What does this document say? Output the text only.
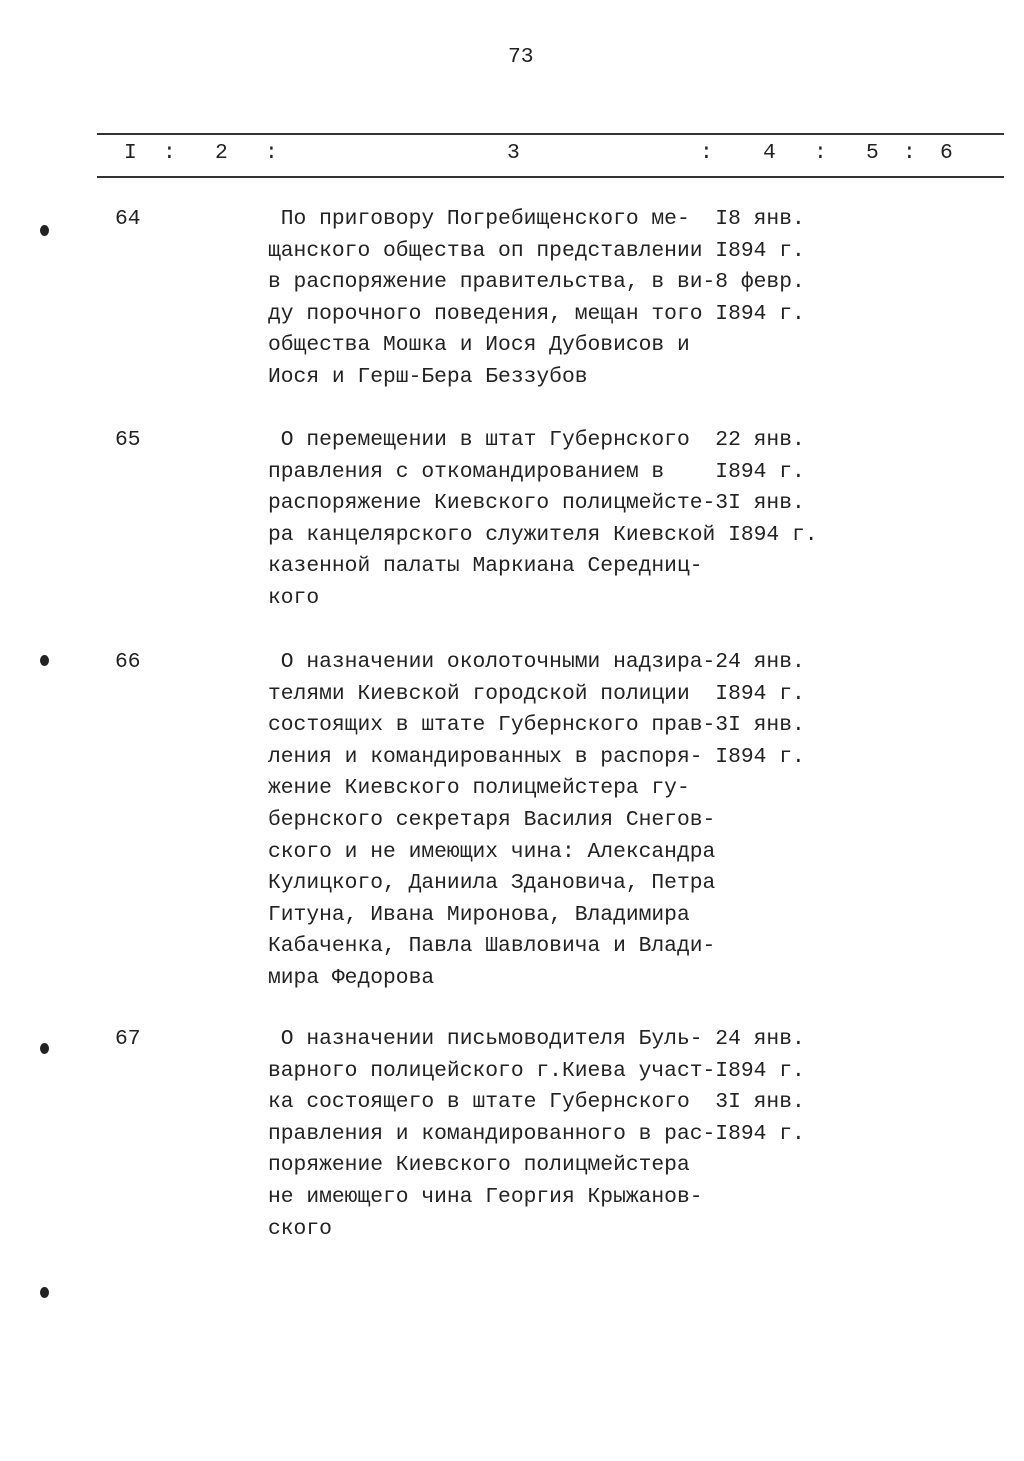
73
I : 2 :	3	: 4 : 5 : 6
64	По приговору Погребищенского ме-  I8 янв.
щанского общества оп представлении I894 г.
в распоряжение правительства, в ви-8 февр.
ду порочного поведения, мещан того I894 г.
общества Мошка и Иося Дубовисов и
Иося и Герш-Бера Беззубов
65	О перемещении в штат Губернского  22 янв.
правления с откомандированием в    I894 г.
распоряжение Киевского полицмейсте-3I янв.
ра канцелярского служителя Киевской I894 г.
казенной палаты Маркиана Середниц-
кого
66	О назначении околоточными надзира-24 янв.
телями Киевской городской полиции  I894 г.
состоящих в штате Губернского прав-3I янв.
ления и командированных в распоря- I894 г.
жение Киевского полицмейстера гу-
бернского секретаря Василия Снегов-
ского и не имеющих чина: Александра
Кулицкого, Даниила Здановича, Петра
Гитуна, Ивана Миронова, Владимира
Кабаченка, Павла Шавловича и Влади-
мира Федорова
67	О назначении письмоводителя Буль- 24 янв.
варного полицейского г.Киева участ-I894 г.
ка состоящего в штате Губернского  3I янв.
правления и командированного в рас-I894 г.
поряжение Киевского полицмейстера
не имеющего чина Георгия Крыжанов-
ского
